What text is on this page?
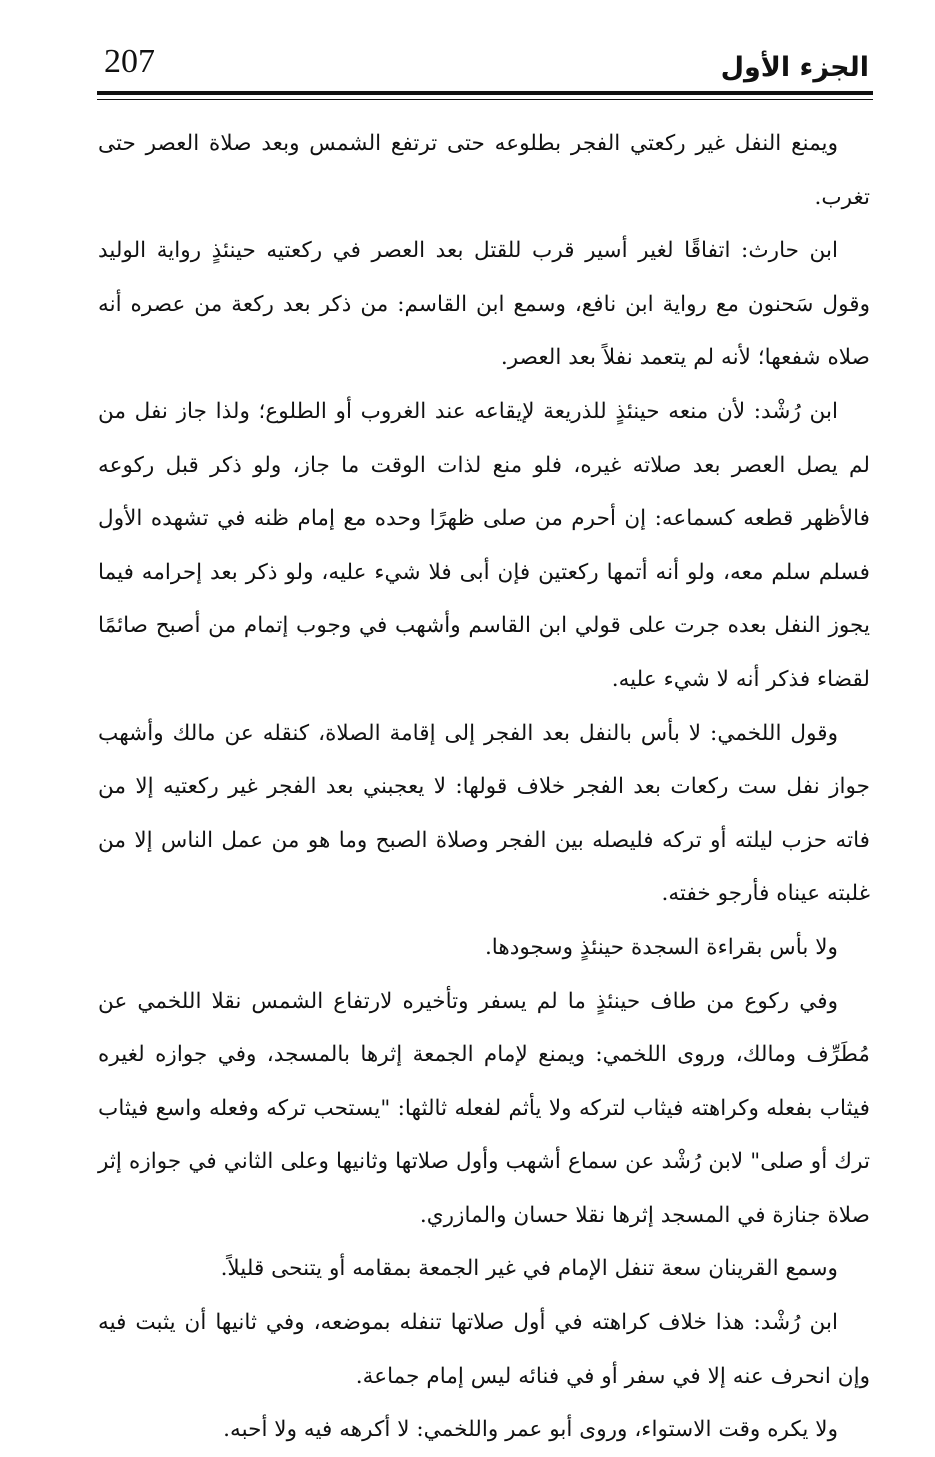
207	الجزء الأول

ويمنع النفل غير ركعتي الفجر بطلوعه حتى ترتفع الشمس وبعد صلاة العصر حتى تغرب.

ابن حارث: اتفاقًا لغير أسير قرب للقتل بعد العصر في ركعتيه حينئذٍ رواية الوليد وقول سَحنون مع رواية ابن نافع، وسمع ابن القاسم: من ذكر بعد ركعة من عصره أنه صلاه شفعها؛ لأنه لم يتعمد نفلاً بعد العصر.

ابن رُشْد: لأن منعه حينئذٍ للذريعة لإيقاعه عند الغروب أو الطلوع؛ ولذا جاز نفل من لم يصل العصر بعد صلاته غيره، فلو منع لذات الوقت ما جاز، ولو ذكر قبل ركوعه فالأظهر قطعه كسماعه: إن أحرم من صلى ظهرًا وحده مع إمام ظنه في تشهده الأول فسلم سلم معه، ولو أنه أتمها ركعتين فإن أبى فلا شيء عليه، ولو ذكر بعد إحرامه فيما يجوز النفل بعده جرت على قولي ابن القاسم وأشهب في وجوب إتمام من أصبح صائمًا لقضاء فذكر أنه لا شيء عليه.

وقول اللخمي: لا بأس بالنفل بعد الفجر إلى إقامة الصلاة، كنقله عن مالك وأشهب جواز نفل ست ركعات بعد الفجر خلاف قولها: لا يعجبني بعد الفجر غير ركعتيه إلا من فاته حزب ليلته أو تركه فليصله بين الفجر وصلاة الصبح وما هو من عمل الناس إلا من غلبته عيناه فأرجو خفته.

ولا بأس بقراءة السجدة حينئذٍ وسجودها.

وفي ركوع من طاف حينئذٍ ما لم يسفر وتأخيره لارتفاع الشمس نقلا اللخمي عن مُطَرِّف ومالك، وروى اللخمي: ويمنع لإمام الجمعة إثرها بالمسجد، وفي جوازه لغيره فيثاب بفعله وكراهته فيثاب لتركه ولا يأثم لفعله ثالثها: "يستحب تركه وفعله واسع فيثاب ترك أو صلى" لابن رُشْد عن سماع أشهب وأول صلاتها وثانيها وعلى الثاني في جوازه إثر صلاة جنازة في المسجد إثرها نقلا حسان والمازري.

وسمع القرينان سعة تنفل الإمام في غير الجمعة بمقامه أو يتنحى قليلاً.

ابن رُشْد: هذا خلاف كراهته في أول صلاتها تنفله بموضعه، وفي ثانيها أن يثبت فيه وإن انحرف عنه إلا في سفر أو في فنائه ليس إمام جماعة.

ولا يكره وقت الاستواء، وروى أبو عمر واللخمي: لا أكرهه فيه ولا أحبه.
